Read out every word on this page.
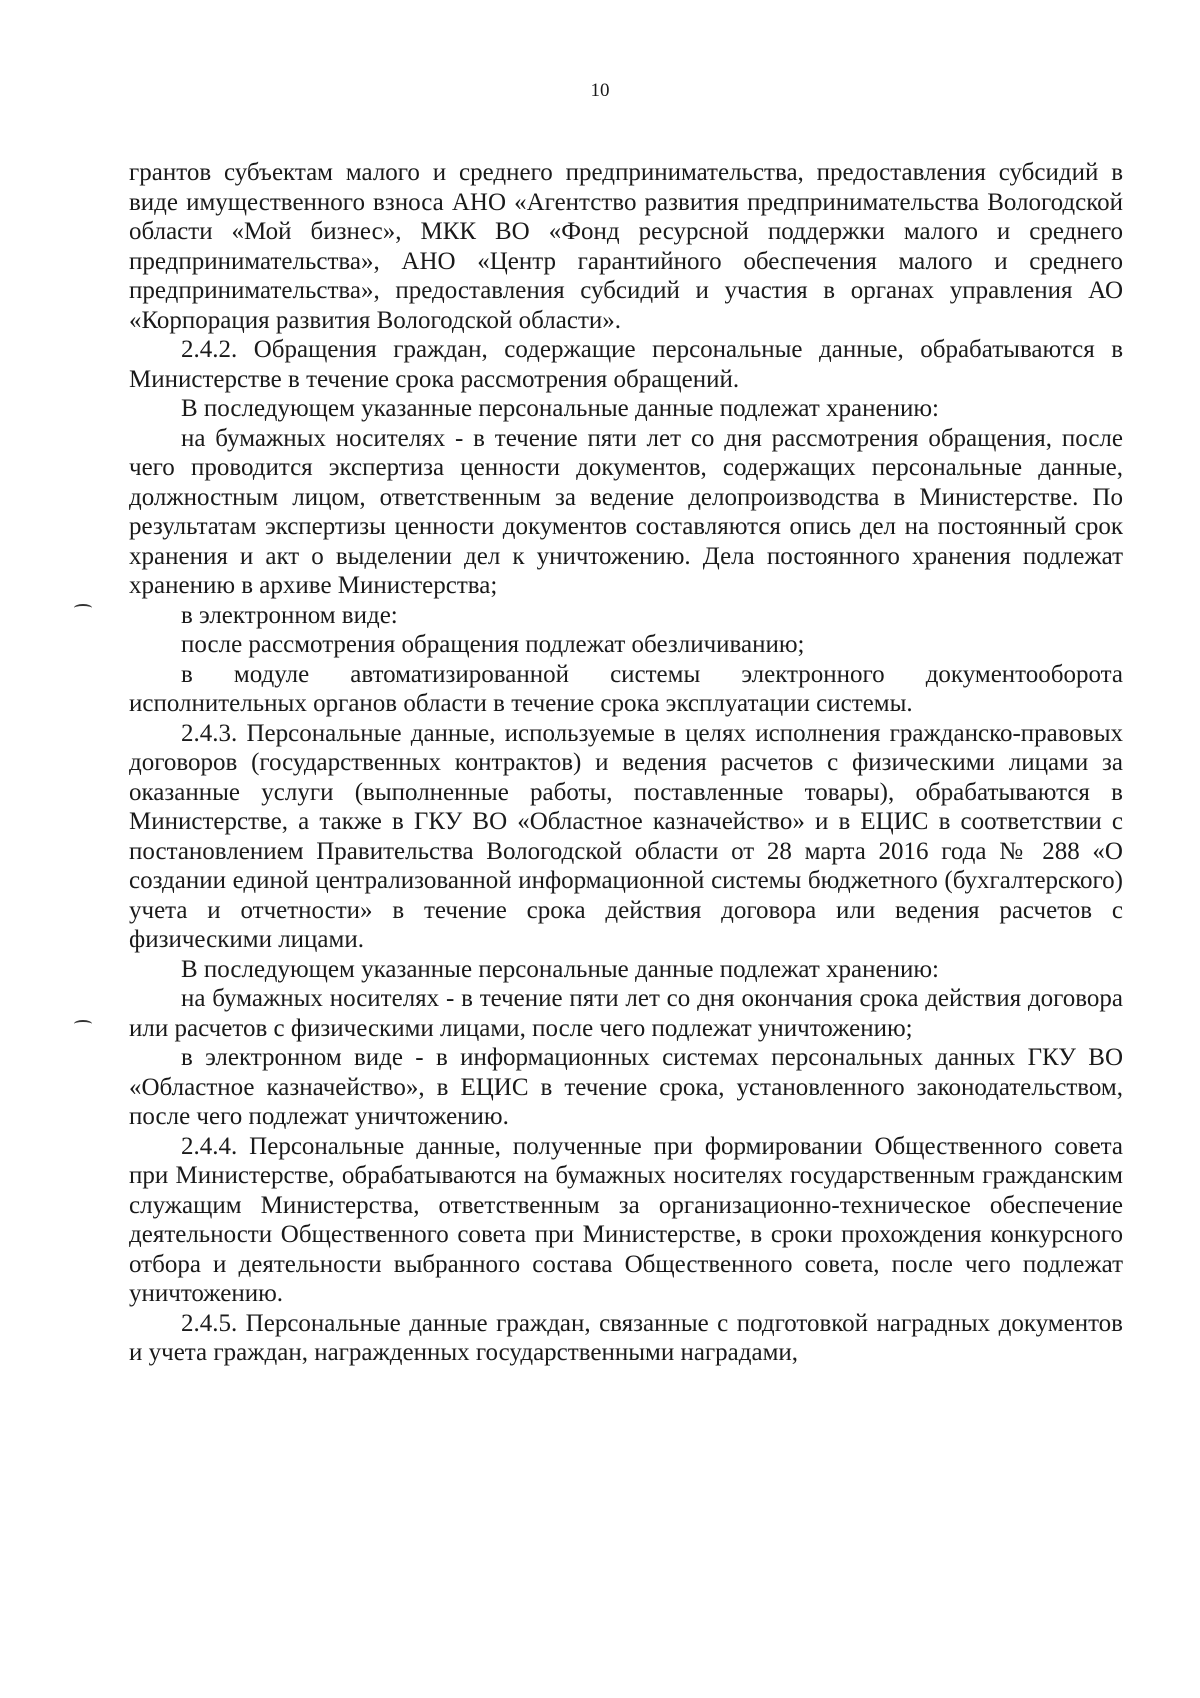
10

грантов субъектам малого и среднего предпринимательства, предоставления субсидий в виде имущественного взноса АНО «Агентство развития предпринимательства Вологодской области «Мой бизнес», МКК ВО «Фонд ресурсной поддержки малого и среднего предпринимательства», АНО «Центр гарантийного обеспечения малого и среднего предпринимательства», предоставления субсидий и участия в органах управления АО «Корпорация развития Вологодской области».

2.4.2. Обращения граждан, содержащие персональные данные, обрабатываются в Министерстве в течение срока рассмотрения обращений.

В последующем указанные персональные данные подлежат хранению:

на бумажных носителях - в течение пяти лет со дня рассмотрения обращения, после чего проводится экспертиза ценности документов, содержащих персональные данные, должностным лицом, ответственным за ведение делопроизводства в Министерстве. По результатам экспертизы ценности документов составляются опись дел на постоянный срок хранения и акт о выделении дел к уничтожению. Дела постоянного хранения подлежат хранению в архиве Министерства;

в электронном виде:

после рассмотрения обращения подлежат обезличиванию;

в модуле автоматизированной системы электронного документооборота исполнительных органов области в течение срока эксплуатации системы.

2.4.3. Персональные данные, используемые в целях исполнения гражданско-правовых договоров (государственных контрактов) и ведения расчетов с физическими лицами за оказанные услуги (выполненные работы, поставленные товары), обрабатываются в Министерстве, а также в ГКУ ВО «Областное казначейство» и в ЕЦИС в соответствии с постановлением Правительства Вологодской области от 28 марта 2016 года № 288 «О создании единой централизованной информационной системы бюджетного (бухгалтерского) учета и отчетности» в течение срока действия договора или ведения расчетов с физическими лицами.

В последующем указанные персональные данные подлежат хранению:

на бумажных носителях - в течение пяти лет со дня окончания срока действия договора или расчетов с физическими лицами, после чего подлежат уничтожению;

в электронном виде - в информационных системах персональных данных ГКУ ВО «Областное казначейство», в ЕЦИС в течение срока, установленного законодательством, после чего подлежат уничтожению.

2.4.4. Персональные данные, полученные при формировании Общественного совета при Министерстве, обрабатываются на бумажных носителях государственным гражданским служащим Министерства, ответственным за организационно-техническое обеспечение деятельности Общественного совета при Министерстве, в сроки прохождения конкурсного отбора и деятельности выбранного состава Общественного совета, после чего подлежат уничтожению.

2.4.5. Персональные данные граждан, связанные с подготовкой наградных документов и учета граждан, награжденных государственными наградами,
